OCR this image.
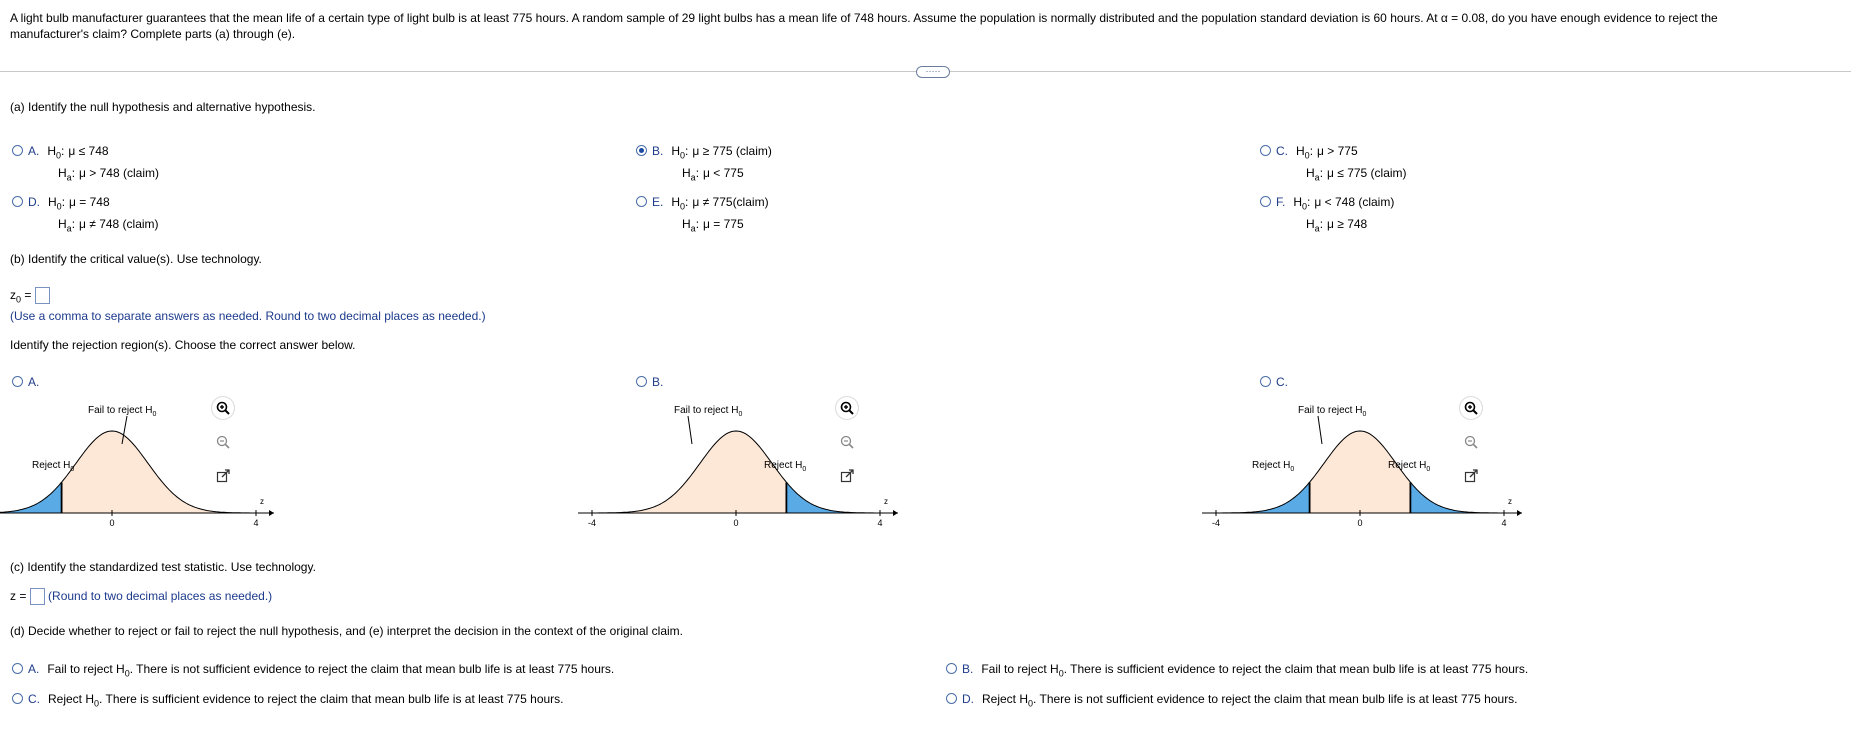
A light bulb manufacturer guarantees that the mean life of a certain type of light bulb is at least 775 hours. A random sample of 29 light bulbs has a mean life of 748 hours. Assume the population is normally distributed and the population standard deviation is 60 hours. At α = 0.08, do you have enough evidence to reject the
manufacturer's claim? Complete parts (a) through (e).
·····
(a) Identify the null hypothesis and alternative hypothesis.
A. $H_0$: μ ≤ 748
$H_a$: μ > 748 (claim)
B. $H_0$: μ ≥ 775 (claim)
$H_a$: μ < 775
C. $H_0$: μ > 775
$H_a$: μ ≤ 775 (claim)
D. $H_0$: μ = 748
$H_a$: μ ≠ 748 (claim)
E. $H_0$: μ ≠ 775(claim)
$H_a$: μ = 775
F. $H_0$: μ < 748 (claim)
$H_a$: μ ≥ 748
(b) Identify the critical value(s). Use technology.
$z_0$ =
(Use a comma to separate answers as needed. Round to two decimal places as needed.)
Identify the rejection region(s). Choose the correct answer below.
A.
0	4
z
Fail to reject $H_0$
Reject $H_0$
B.
-4	0	4
z
Fail to reject $H_0$
Reject $H_0$
C.
-4	0	4
z
Fail to reject $H_0$
Reject $H_0$	Reject $H_0$
(c) Identify the standardized test statistic. Use technology.
z = (Round to two decimal places as needed.)
(d) Decide whether to reject or fail to reject the null hypothesis, and (e) interpret the decision in the context of the original claim.
A. Fail to reject $H_0$. There is not sufficient evidence to reject the claim that mean bulb life is at least 775 hours.	B. Fail to reject $H_0$. There is sufficient evidence to reject the claim that mean bulb life is at least 775 hours.
C. Reject $H_0$. There is sufficient evidence to reject the claim that mean bulb life is at least 775 hours.	D. Reject $H_0$. There is not sufficient evidence to reject the claim that mean bulb life is at least 775 hours.
